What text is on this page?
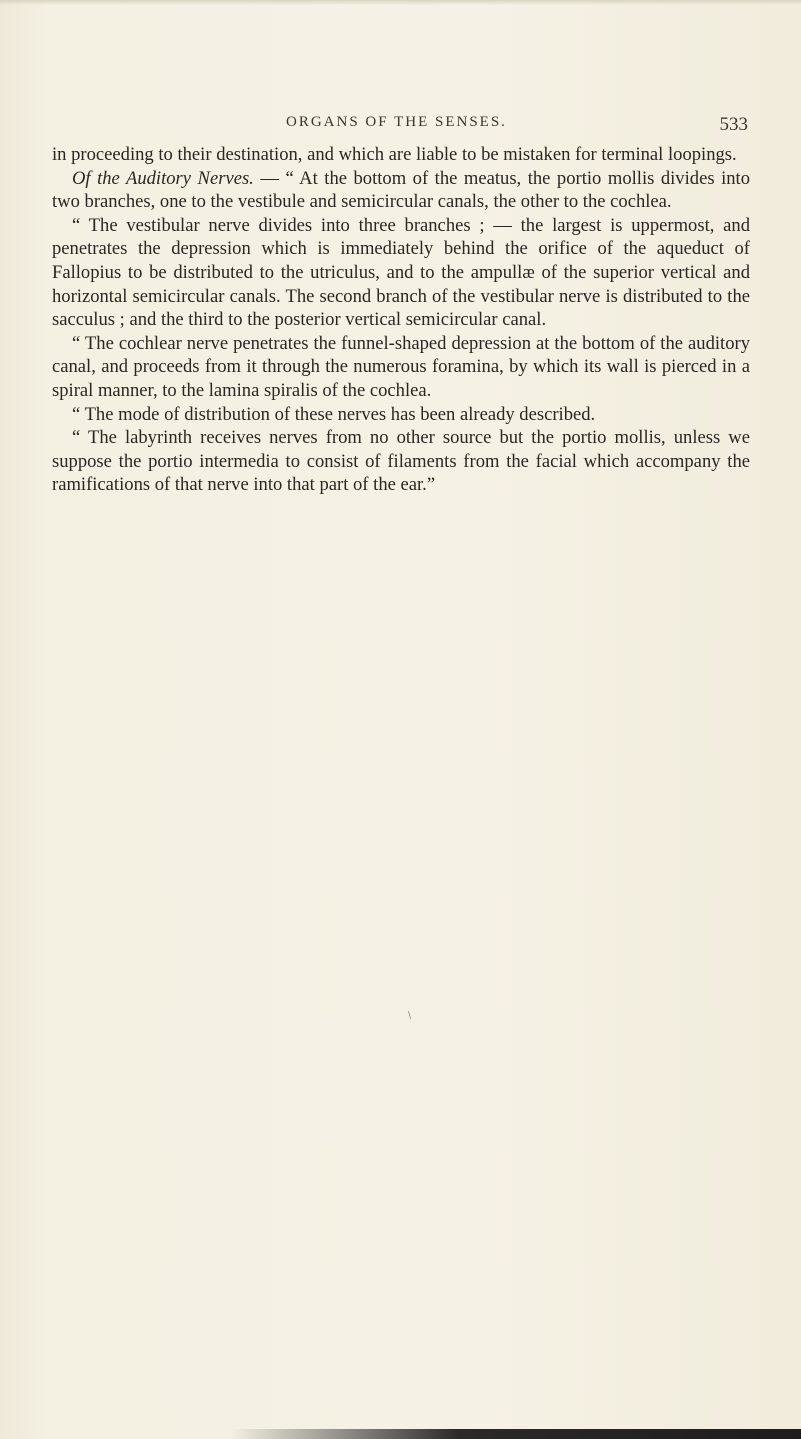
ORGANS OF THE SENSES.	533

in proceeding to their destination, and which are liable to be mistaken for terminal loopings.

Of the Auditory Nerves. — “ At the bottom of the meatus, the portio mollis divides into two branches, one to the vestibule and semicircular canals, the other to the cochlea.

“ The vestibular nerve divides into three branches ; — the largest is uppermost, and penetrates the depression which is immediately behind the orifice of the aqueduct of Fallopius to be distributed to the utriculus, and to the ampullæ of the superior vertical and horizontal semicircular canals. The second branch of the vestibular nerve is distributed to the sacculus ; and the third to the posterior vertical semicircular canal.

“ The cochlear nerve penetrates the funnel-shaped depression at the bottom of the auditory canal, and proceeds from it through the numerous foramina, by which its wall is pierced in a spiral manner, to the lamina spiralis of the cochlea.

“ The mode of distribution of these nerves has been already described.

“ The labyrinth receives nerves from no other source but the portio mollis, unless we suppose the portio intermedia to consist of filaments from the facial which accompany the ramifications of that nerve into that part of the ear.”

\
